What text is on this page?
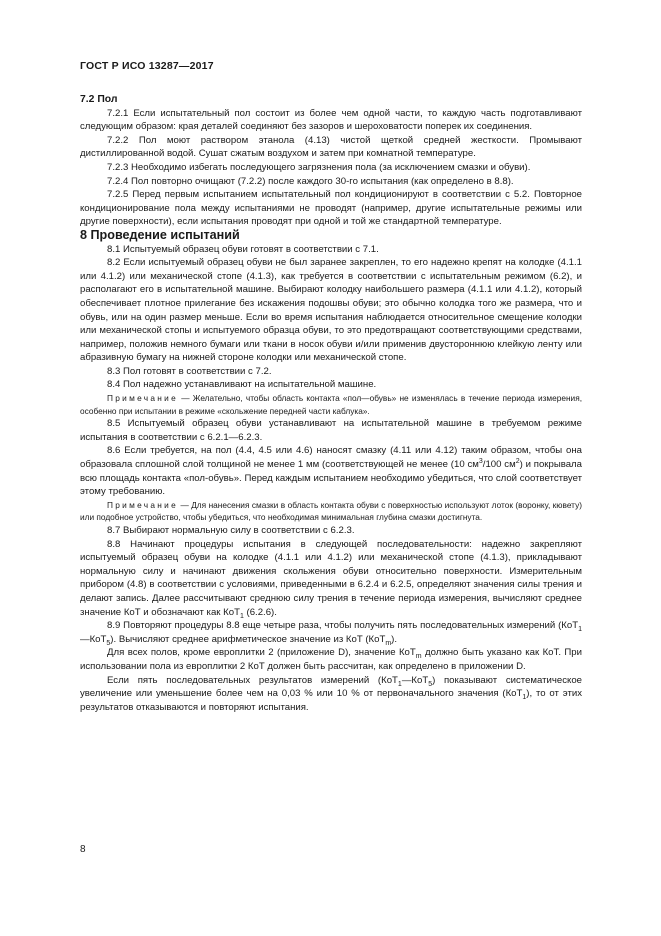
ГОСТ Р ИСО 13287—2017

7.2 Пол

7.2.1 Если испытательный пол состоит из более чем одной части, то каждую часть подготавливают следующим образом: края деталей соединяют без зазоров и шероховатости поперек их соединения.

7.2.2 Пол моют раствором этанола (4.13) чистой щеткой средней жесткости. Промывают дистиллированной водой. Сушат сжатым воздухом и затем при комнатной температуре.

7.2.3 Необходимо избегать последующего загрязнения пола (за исключением смазки и обуви).

7.2.4 Пол повторно очищают (7.2.2) после каждого 30-го испытания (как определено в 8.8).

7.2.5 Перед первым испытанием испытательный пол кондиционируют в соответствии с 5.2. Повторное кондиционирование пола между испытаниями не проводят (например, другие испытательные режимы или другие поверхности), если испытания проводят при одной и той же стандартной температуре.

8 Проведение испытаний

8.1 Испытуемый образец обуви готовят в соответствии с 7.1.

8.2 Если испытуемый образец обуви не был заранее закреплен, то его надежно крепят на колодке (4.1.1 или 4.1.2) или механической стопе (4.1.3), как требуется в соответствии с испытательным режимом (6.2), и располагают его в испытательной машине. Выбирают колодку наибольшего размера (4.1.1 или 4.1.2), который обеспечивает плотное прилегание без искажения подошвы обуви; это обычно колодка того же размера, что и обувь, или на один размер меньше. Если во время испытания наблюдается относительное смещение колодки или механической стопы и испытуемого образца обуви, то это предотвращают соответствующими средствами, например, положив немного бумаги или ткани в носок обуви и/или применив двустороннюю клейкую ленту или абразивную бумагу на нижней стороне колодки или механической стопе.

8.3 Пол готовят в соответствии с 7.2.

8.4 Пол надежно устанавливают на испытательной машине.

Примечание — Желательно, чтобы область контакта «пол—обувь» не изменялась в течение периода измерения, особенно при испытании в режиме «скольжение передней части каблука».

8.5 Испытуемый образец обуви устанавливают на испытательной машине в требуемом режиме испытания в соответствии с 6.2.1—6.2.3.

8.6 Если требуется, на пол (4.4, 4.5 или 4.6) наносят смазку (4.11 или 4.12) таким образом, чтобы она образовала сплошной слой толщиной не менее 1 мм (соответствующей не менее (10 $см^3/100$ $см^2$) и покрывала всю площадь контакта «пол-обувь». Перед каждым испытанием необходимо убедиться, что слой соответствует этому требованию.

Примечание — Для нанесения смазки в область контакта обуви с поверхностью используют лоток (воронку, кювету) или подобное устройство, чтобы убедиться, что необходимая минимальная глубина смазки достигнута.

8.7 Выбирают нормальную силу в соответствии с 6.2.3.

8.8 Начинают процедуры испытания в следующей последовательности: надежно закрепляют испытуемый образец обуви на колодке (4.1.1 или 4.1.2) или механической стопе (4.1.3), прикладывают нормальную силу и начинают движения скольжения обуви относительно поверхности. Измерительным прибором (4.8) в соответствии с условиями, приведенными в 6.2.4 и 6.2.5, определяют значения силы трения и делают запись. Далее рассчитывают среднюю силу трения в течение периода измерения, вычисляют среднее значение КоТ и обозначают как КоТ$_1$ (6.2.6).

8.9 Повторяют процедуры 8.8 еще четыре раза, чтобы получить пять последовательных измерений (КоТ$_1$—КоТ$_5$). Вычисляют среднее арифметическое значение из КоТ (КоТ$_m$).

Для всех полов, кроме европлитки 2 (приложение D), значение КоТ$_m$ должно быть указано как КоТ. При использовании пола из европлитки 2 КоТ должен быть рассчитан, как определено в приложении D.

Если пять последовательных результатов измерений (КоТ$_1$—КоТ$_5$) показывают систематическое увеличение или уменьшение более чем на 0,03 % или 10 % от первоначального значения (КоТ$_1$), то от этих результатов отказываются и повторяют испытания.

8
